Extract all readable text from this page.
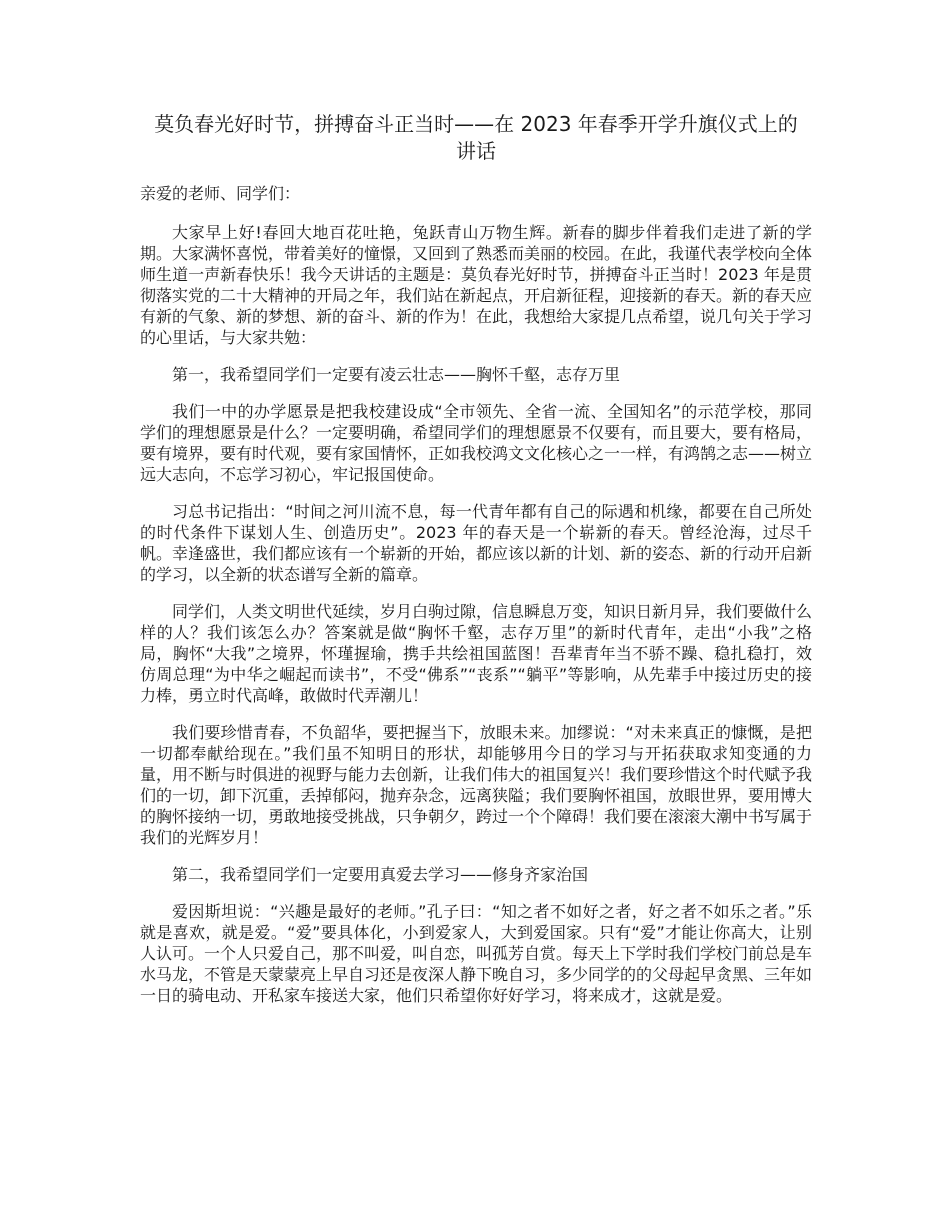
莫负春光好时节，拼搏奋斗正当时——在 2023 年春季开学升旗仪式上的讲话

亲爱的老师、同学们：

大家早上好!春回大地百花吐艳，兔跃青山万物生辉。新春的脚步伴着我们走进了新的学期。大家满怀喜悦，带着美好的憧憬，又回到了熟悉而美丽的校园。在此，我谨代表学校向全体师生道一声新春快乐！我今天讲话的主题是：莫负春光好时节，拼搏奋斗正当时！2023 年是贯彻落实党的二十大精神的开局之年，我们站在新起点，开启新征程，迎接新的春天。新的春天应有新的气象、新的梦想、新的奋斗、新的作为！在此，我想给大家提几点希望，说几句关于学习的心里话，与大家共勉：

第一，我希望同学们一定要有凌云壮志——胸怀千壑，志存万里

我们一中的办学愿景是把我校建设成“全市领先、全省一流、全国知名”的示范学校，那同学们的理想愿景是什么？一定要明确，希望同学们的理想愿景不仅要有，而且要大，要有格局，要有境界，要有时代观，要有家国情怀，正如我校鸿文文化核心之一一样，有鸿鹄之志——树立远大志向，不忘学习初心，牢记报国使命。

习总书记指出：“时间之河川流不息，每一代青年都有自己的际遇和机缘，都要在自己所处的时代条件下谋划人生、创造历史”。2023 年的春天是一个崭新的春天。曾经沧海，过尽千帆。幸逢盛世，我们都应该有一个崭新的开始，都应该以新的计划、新的姿态、新的行动开启新的学习，以全新的状态谱写全新的篇章。

同学们，人类文明世代延续，岁月白驹过隙，信息瞬息万变，知识日新月异，我们要做什么样的人？我们该怎么办？答案就是做“胸怀千壑，志存万里”的新时代青年，走出“小我”之格局，胸怀“大我”之境界，怀瑾握瑜，携手共绘祖国蓝图！吾辈青年当不骄不躁、稳扎稳打，效仿周总理“为中华之崛起而读书”，不受“佛系”“丧系”“躺平”等影响，从先辈手中接过历史的接力棒，勇立时代高峰，敢做时代弄潮儿！

我们要珍惜青春，不负韶华，要把握当下，放眼未来。加缪说：“对未来真正的慷慨，是把一切都奉献给现在。”我们虽不知明日的形状，却能够用今日的学习与开拓获取求知变通的力量，用不断与时俱进的视野与能力去创新，让我们伟大的祖国复兴！我们要珍惜这个时代赋予我们的一切，卸下沉重，丢掉郁闷，抛弃杂念，远离狭隘；我们要胸怀祖国，放眼世界，要用博大的胸怀接纳一切，勇敢地接受挑战，只争朝夕，跨过一个个障碍！我们要在滚滚大潮中书写属于我们的光辉岁月！

第二，我希望同学们一定要用真爱去学习——修身齐家治国

爱因斯坦说：“兴趣是最好的老师。”孔子曰：“知之者不如好之者，好之者不如乐之者。”乐就是喜欢，就是爱。“爱”要具体化，小到爱家人，大到爱国家。只有“爱”才能让你高大，让别人认可。一个人只爱自己，那不叫爱，叫自恋，叫孤芳自赏。每天上下学时我们学校门前总是车水马龙，不管是天蒙蒙亮上早自习还是夜深人静下晚自习，多少同学的的父母起早贪黑、三年如一日的骑电动、开私家车接送大家，他们只希望你好好学习，将来成才，这就是爱。
